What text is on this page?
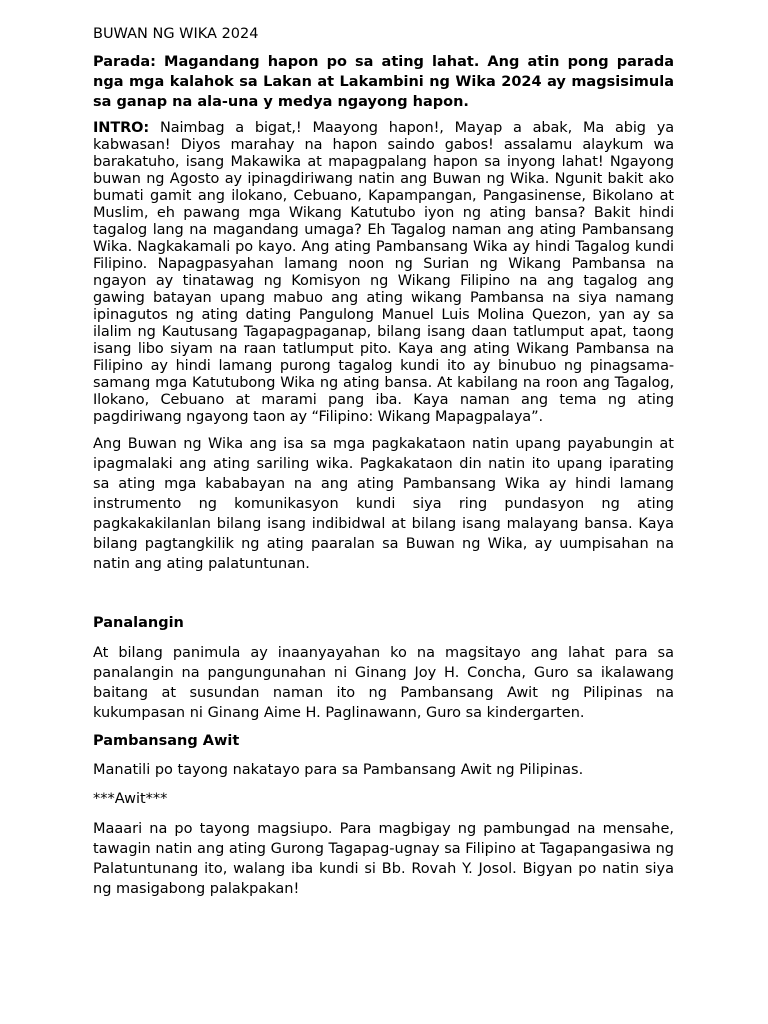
BUWAN NG WIKA 2024

Parada: Magandang hapon po sa ating lahat. Ang atin pong parada nga mga kalahok sa Lakan at Lakambini ng Wika 2024 ay magsisimula sa ganap na ala-una y medya ngayong hapon.

INTRO: Naimbag a bigat,! Maayong hapon!, Mayap a abak, Ma abig ya kabwasan! Diyos marahay na hapon saindo gabos! assalamu alaykum wa barakatuho, isang Makawika at mapagpalang hapon sa inyong lahat! Ngayong buwan ng Agosto ay ipinagdiriwang natin ang Buwan ng Wika. Ngunit bakit ako bumati gamit ang ilokano, Cebuano, Kapampangan, Pangasinense, Bikolano at Muslim, eh pawang mga Wikang Katutubo iyon ng ating bansa? Bakit hindi tagalog lang na magandang umaga? Eh Tagalog naman ang ating Pambansang Wika. Nagkakamali po kayo. Ang ating Pambansang Wika ay hindi Tagalog kundi Filipino. Napagpasyahan lamang noon ng Surian ng Wikang Pambansa na ngayon ay tinatawag ng Komisyon ng Wikang Filipino na ang tagalog ang gawing batayan upang mabuo ang ating wikang Pambansa na siya namang ipinagutos ng ating dating Pangulong Manuel Luis Molina Quezon, yan ay sa ilalim ng Kautusang Tagapagpaganap, bilang isang daan tatlumput apat, taong isang libo siyam na raan tatlumput pito. Kaya ang ating Wikang Pambansa na Filipino ay hindi lamang purong tagalog kundi ito ay binubuo ng pinagsama-samang mga Katutubong Wika ng ating bansa. At kabilang na roon ang Tagalog, Ilokano, Cebuano at marami pang iba. Kaya naman ang tema ng ating pagdiriwang ngayong taon ay “Filipino: Wikang Mapagpalaya”.

Ang Buwan ng Wika ang isa sa mga pagkakataon natin upang payabungin at ipagmalaki ang ating sariling wika. Pagkakataon din natin ito upang iparating sa ating mga kababayan na ang ating Pambansang Wika ay hindi lamang instrumento ng komunikasyon kundi siya ring pundasyon ng ating pagkakakilanlan bilang isang indibidwal at bilang isang malayang bansa. Kaya bilang pagtangkilik ng ating paaralan sa Buwan ng Wika, ay uumpisahan na natin ang ating palatuntunan.

Panalangin

At bilang panimula ay inaanyayahan ko na magsitayo ang lahat para sa panalangin na pangungunahan ni Ginang Joy H. Concha, Guro sa ikalawang baitang at susundan naman ito ng Pambansang Awit ng Pilipinas na kukumpasan ni Ginang Aime H. Paglinawann, Guro sa kindergarten.

Pambansang Awit
Manatili po tayong nakatayo para sa Pambansang Awit ng Pilipinas.
***Awit***

Maaari na po tayong magsiupo. Para magbigay ng pambungad na mensahe, tawagin natin ang ating Gurong Tagapag-ugnay sa Filipino at Tagapangasiwa ng Palatuntunang ito, walang iba kundi si Bb. Rovah Y. Josol. Bigyan po natin siya ng masigabong palakpakan!
